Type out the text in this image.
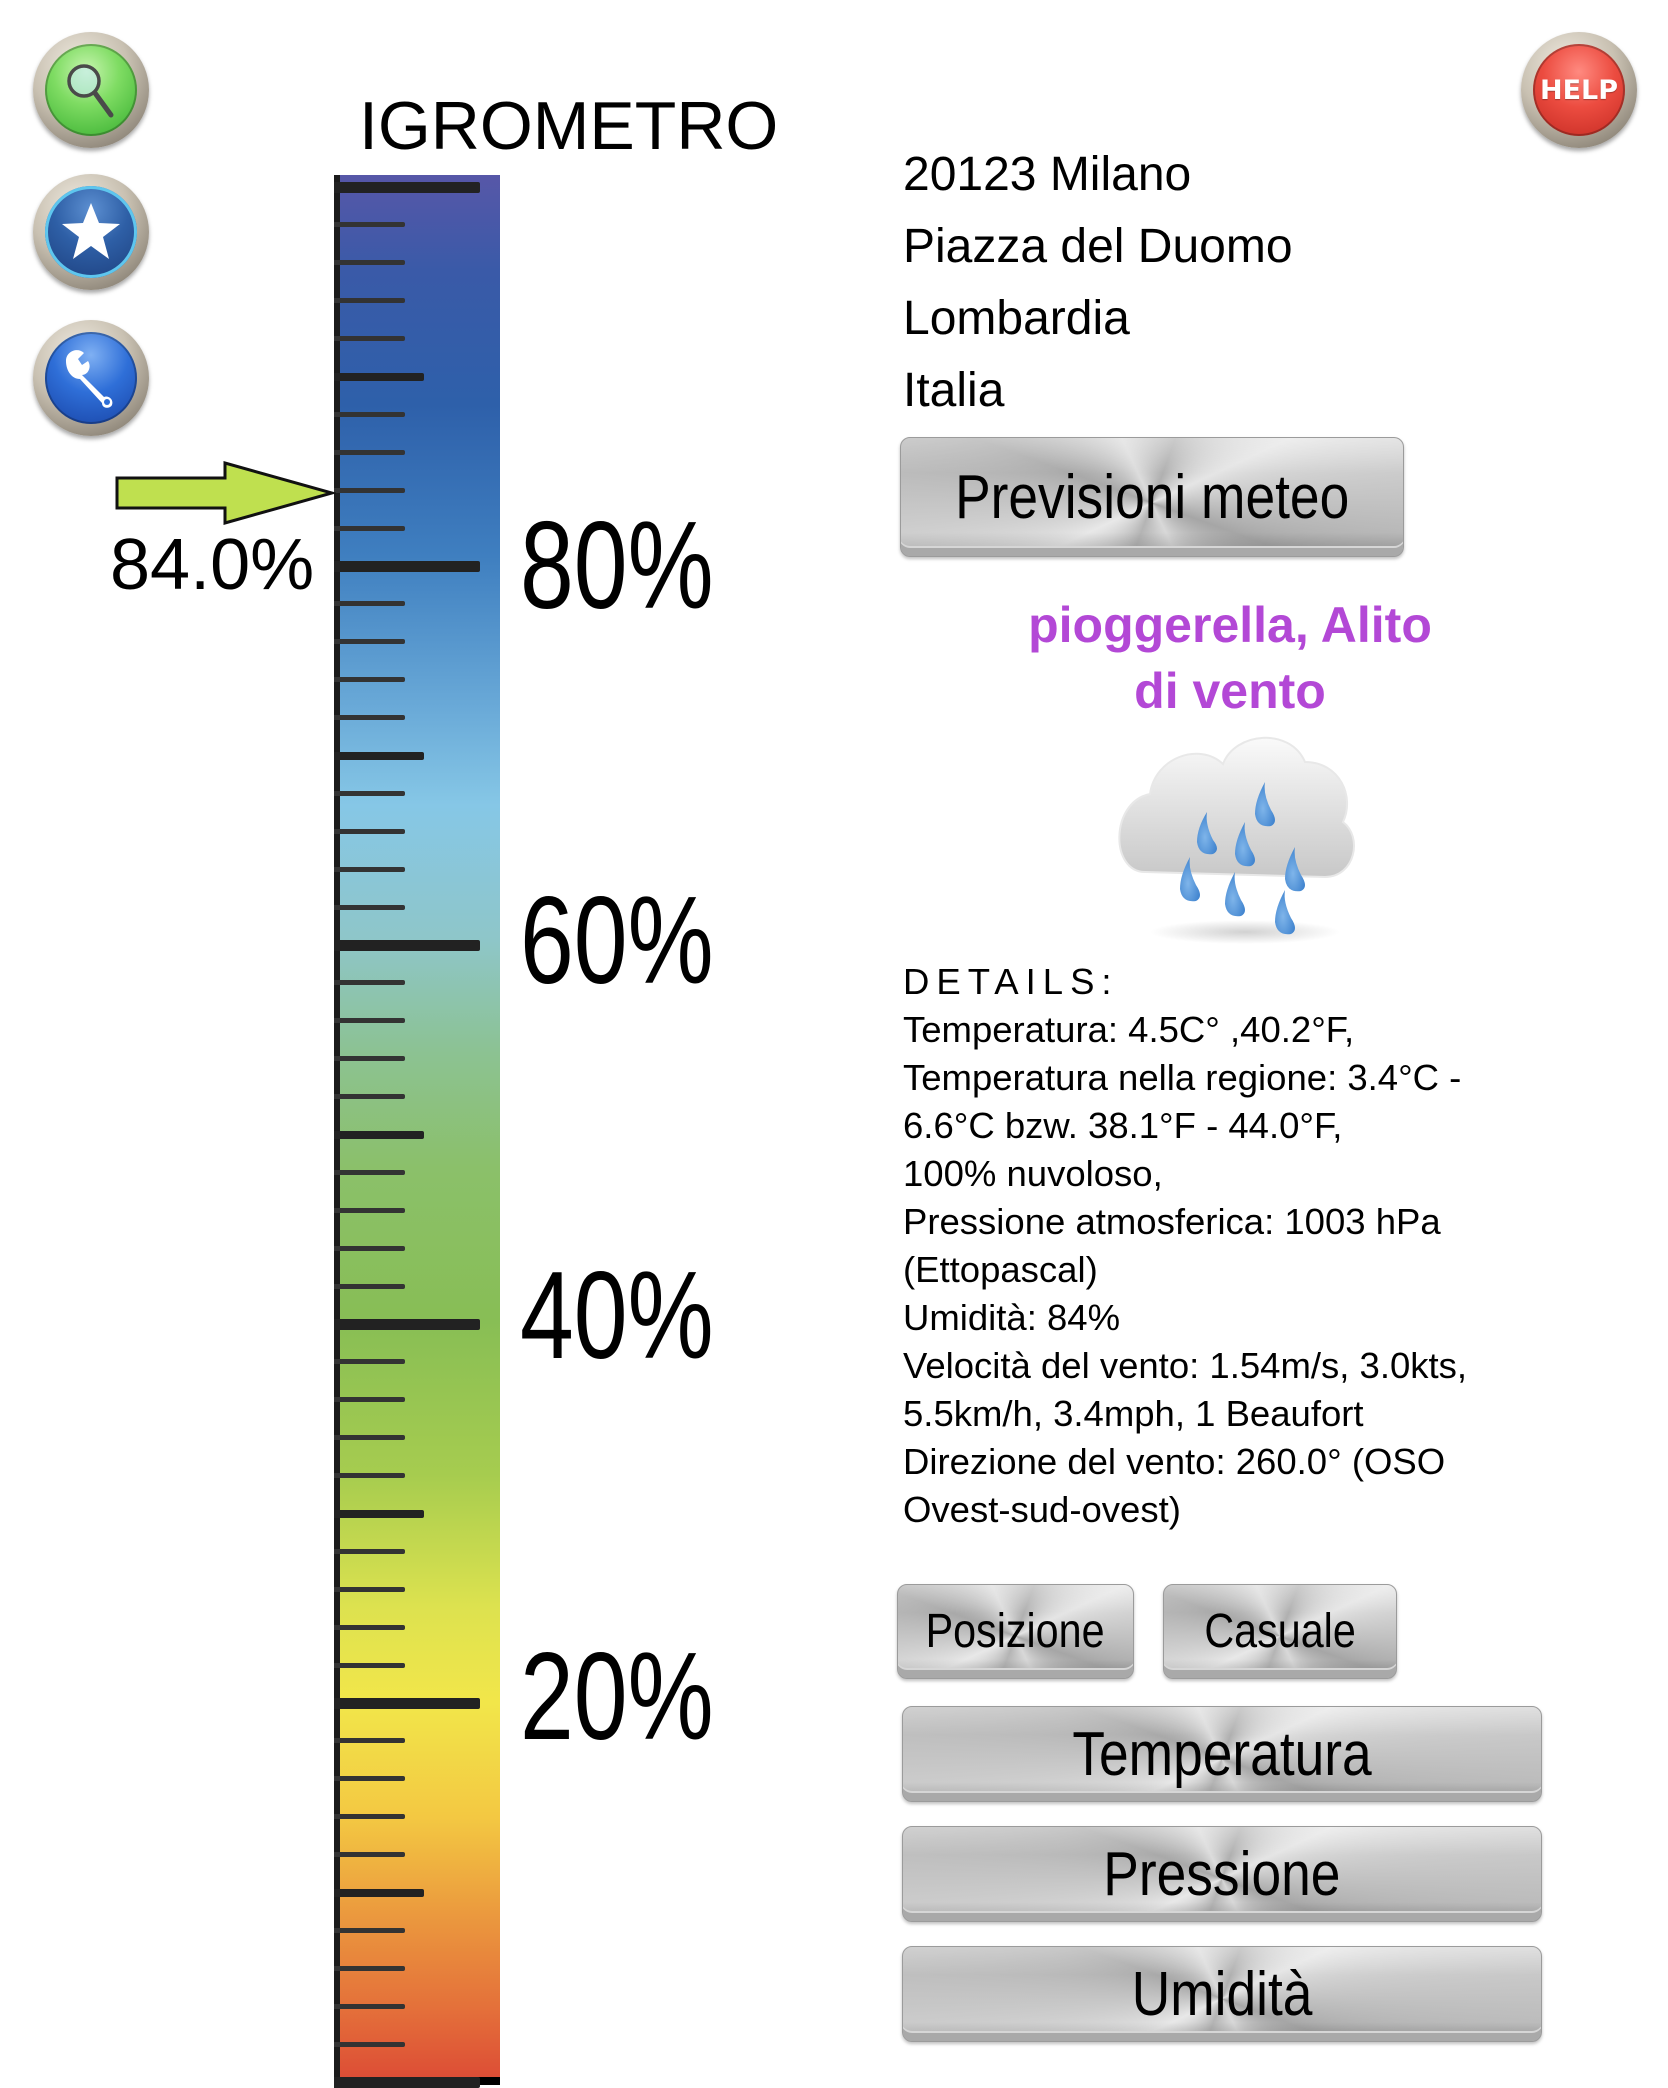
HELP
IGROMETRO
80%
60%
40%
20%
84.0%
20123 Milano
Piazza del Duomo
Lombardia
Italia
Previsioni meteo
pioggerella, Alito
di vento
DETAILS:
Temperatura: 4.5C° ,40.2°F,
Temperatura nella regione: 3.4°C -
6.6°C bzw. 38.1°F - 44.0°F,
100% nuvoloso,
Pressione atmosferica: 1003 hPa
(Ettopascal)
Umidità: 84%
Velocità del vento: 1.54m/s, 3.0kts,
5.5km/h, 3.4mph, 1 Beaufort
Direzione del vento: 260.0° (OSO
Ovest-sud-ovest)
Posizione Casuale
Temperatura
Pressione
Umidità
